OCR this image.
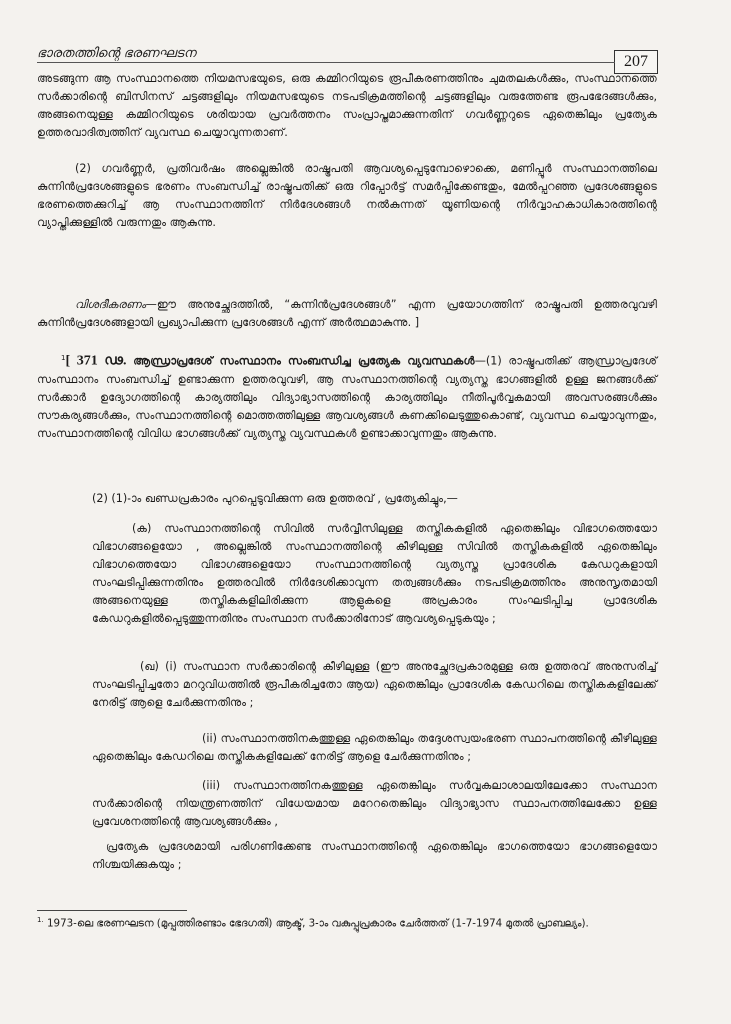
ഭാരതത്തിന്റെ ഭരണഘടന	207

അടങ്ങുന്ന ആ സംസ്ഥാനത്തെ നിയമസഭയുടെ, ഒരു കമ്മിററിയുടെ രൂപീകരണത്തിനും ചുമതലകൾക്കും, സംസ്ഥാനത്തെ സർക്കാരിന്റെ ബിസിനസ് ചട്ടങ്ങളിലും നിയമസഭയുടെ നടപടിക്രമത്തിന്റെ ചട്ടങ്ങളിലും വരുത്തേണ്ട രൂപഭേദങ്ങൾക്കും, അങ്ങനെയുള്ള കമ്മിററിയുടെ ശരിയായ പ്രവർത്തനം സംപ്രാപ്തമാക്കുന്നതിന് ഗവർണ്ണറുടെ ഏതെങ്കിലും പ്രത്യേക ഉത്തരവാദിത്വത്തിന് വ്യവസ്ഥ ചെയ്യാവുന്നതാണ്.

(2) ഗവർണ്ണർ, പ്രതിവർഷം അല്ലെങ്കിൽ രാഷ്ട്രപതി ആവശ്യപ്പെടുമ്പോഴൊക്കെ, മണിപ്പൂർ സംസ്ഥാനത്തിലെ കുന്നിൻപ്രദേശങ്ങളുടെ ഭരണം സംബന്ധിച്ച് രാഷ്ട്രപതിക്ക് ഒരു റിപ്പോർട്ട് സമർപ്പിക്കേണ്ടതും, മേൽപ്പറഞ്ഞ പ്രദേശങ്ങളുടെ ഭരണത്തെക്കുറിച്ച് ആ സംസ്ഥാനത്തിന് നിർദേശങ്ങൾ നൽകുന്നത് യൂണിയന്റെ നിർവ്വാഹകാധികാരത്തിന്റെ വ്യാപ്തിക്കുള്ളിൽ വരുന്നതും ആകുന്നു.

വിശദീകരണം—ഈ അനുച്ഛേദത്തിൽ, “കുന്നിൻപ്രദേശങ്ങൾ” എന്ന പ്രയോഗത്തിന് രാഷ്ട്രപതി ഉത്തരവുവഴി കുന്നിൻപ്രദേശങ്ങളായി പ്രഖ്യാപിക്കുന്ന പ്രദേശങ്ങൾ എന്ന് അർത്ഥമാകുന്നു. ]

$^1$[ 371 ഢ. ആന്ധ്രാപ്രദേശ് സംസ്ഥാനം സംബന്ധിച്ച പ്രത്യേക വ്യവസ്ഥകൾ—(1) രാഷ്ട്രപതിക്ക് ആന്ധ്രാപ്രദേശ് സംസ്ഥാനം സംബന്ധിച്ച് ഉണ്ടാക്കുന്ന ഉത്തരവുവഴി, ആ സംസ്ഥാനത്തിന്റെ വ്യത്യസ്ത ഭാഗങ്ങളിൽ ഉള്ള ജനങ്ങൾക്ക് സർക്കാർ ഉദ്യോഗത്തിന്റെ കാര്യത്തിലും വിദ്യാഭ്യാസത്തിന്റെ കാര്യത്തിലും നീതിപൂർവ്വകമായി അവസരങ്ങൾക്കും സൗകര്യങ്ങൾക്കും, സംസ്ഥാനത്തിന്റെ മൊത്തത്തിലുള്ള ആവശ്യങ്ങൾ കണക്കിലെടുത്തുകൊണ്ട്, വ്യവസ്ഥ ചെയ്യാവുന്നതും, സംസ്ഥാനത്തിന്റെ വിവിധ ഭാഗങ്ങൾക്ക് വ്യത്യസ്ത വ്യവസ്ഥകൾ ഉണ്ടാക്കാവുന്നതും ആകുന്നു.

(2) (1)-ാം ഖണ്ഡപ്രകാരം പുറപ്പെടുവിക്കുന്ന ഒരു ഉത്തരവ് , പ്രത്യേകിച്ചും,—

(ക) സംസ്ഥാനത്തിന്റെ സിവിൽ സർവ്വീസിലുള്ള തസ്തികകളിൽ ഏതെങ്കിലും വിഭാഗത്തെയോ വിഭാഗങ്ങളെയോ , അല്ലെങ്കിൽ സംസ്ഥാനത്തിന്റെ കീഴിലുള്ള സിവിൽ തസ്തികകളിൽ ഏതെങ്കിലും വിഭാഗത്തെയോ വിഭാഗങ്ങളെയോ സംസ്ഥാനത്തിന്റെ വ്യത്യസ്ത പ്രാദേശിക കേഡറുകളായി സംഘടിപ്പിക്കുന്നതിനും ഉത്തരവിൽ നിർദേശിക്കാവുന്ന തത്വങ്ങൾക്കും നടപടിക്രമത്തിനും അനുസൃതമായി അങ്ങനെയുള്ള തസ്തികകളിലിരിക്കുന്ന ആളുകളെ അപ്രകാരം സംഘടിപ്പിച്ച പ്രാദേശിക കേഡറുകളിൽപ്പെടുത്തുന്നതിനും സംസ്ഥാന സർക്കാരിനോട് ആവശ്യപ്പെടുകയും ;

(ഖ) (i) സംസ്ഥാന സർക്കാരിന്റെ കീഴിലുള്ള (ഈ അനുച്ഛേദപ്രകാരമുള്ള ഒരു ഉത്തരവ് അനുസരിച്ച് സംഘടിപ്പിച്ചതോ മററുവിധത്തിൽ രൂപീകരിച്ചതോ ആയ) ഏതെങ്കിലും പ്രാദേശിക കേഡറിലെ തസ്തികകളിലേക്ക് നേരിട്ട് ആളെ ചേർക്കുന്നതിനും ;

(ii) സംസ്ഥാനത്തിനകത്തുള്ള ഏതെങ്കിലും തദ്ദേശസ്വയംഭരണ സ്ഥാപനത്തിന്റെ കീഴിലുള്ള ഏതെങ്കിലും കേഡറിലെ തസ്തികകളിലേക്ക് നേരിട്ട് ആളെ ചേർക്കുന്നതിനും ;

(iii) സംസ്ഥാനത്തിനകത്തുള്ള ഏതെങ്കിലും സർവ്വകലാശാലയിലേക്കോ സംസ്ഥാന സർക്കാരിന്റെ നിയന്ത്രണത്തിന് വിധേയമായ മറേറതെങ്കിലും വിദ്യാഭ്യാസ സ്ഥാപനത്തിലേക്കോ ഉള്ള പ്രവേശനത്തിന്റെ ആവശ്യങ്ങൾക്കും ,

പ്രത്യേക പ്രദേശമായി പരിഗണിക്കേണ്ട സംസ്ഥാനത്തിന്റെ ഏതെങ്കിലും ഭാഗത്തെയോ ഭാഗങ്ങളെയോ നിശ്ചയിക്കുകയും ;

$^{1.}$ 1973-ലെ ഭരണഘടന (മുപ്പത്തിരണ്ടാം ഭേദഗതി) ആക്ട്, 3-ാം വകുപ്പുപ്രകാരം ചേർത്തത് (1-7-1974 മുതൽ പ്രാബല്യം).
